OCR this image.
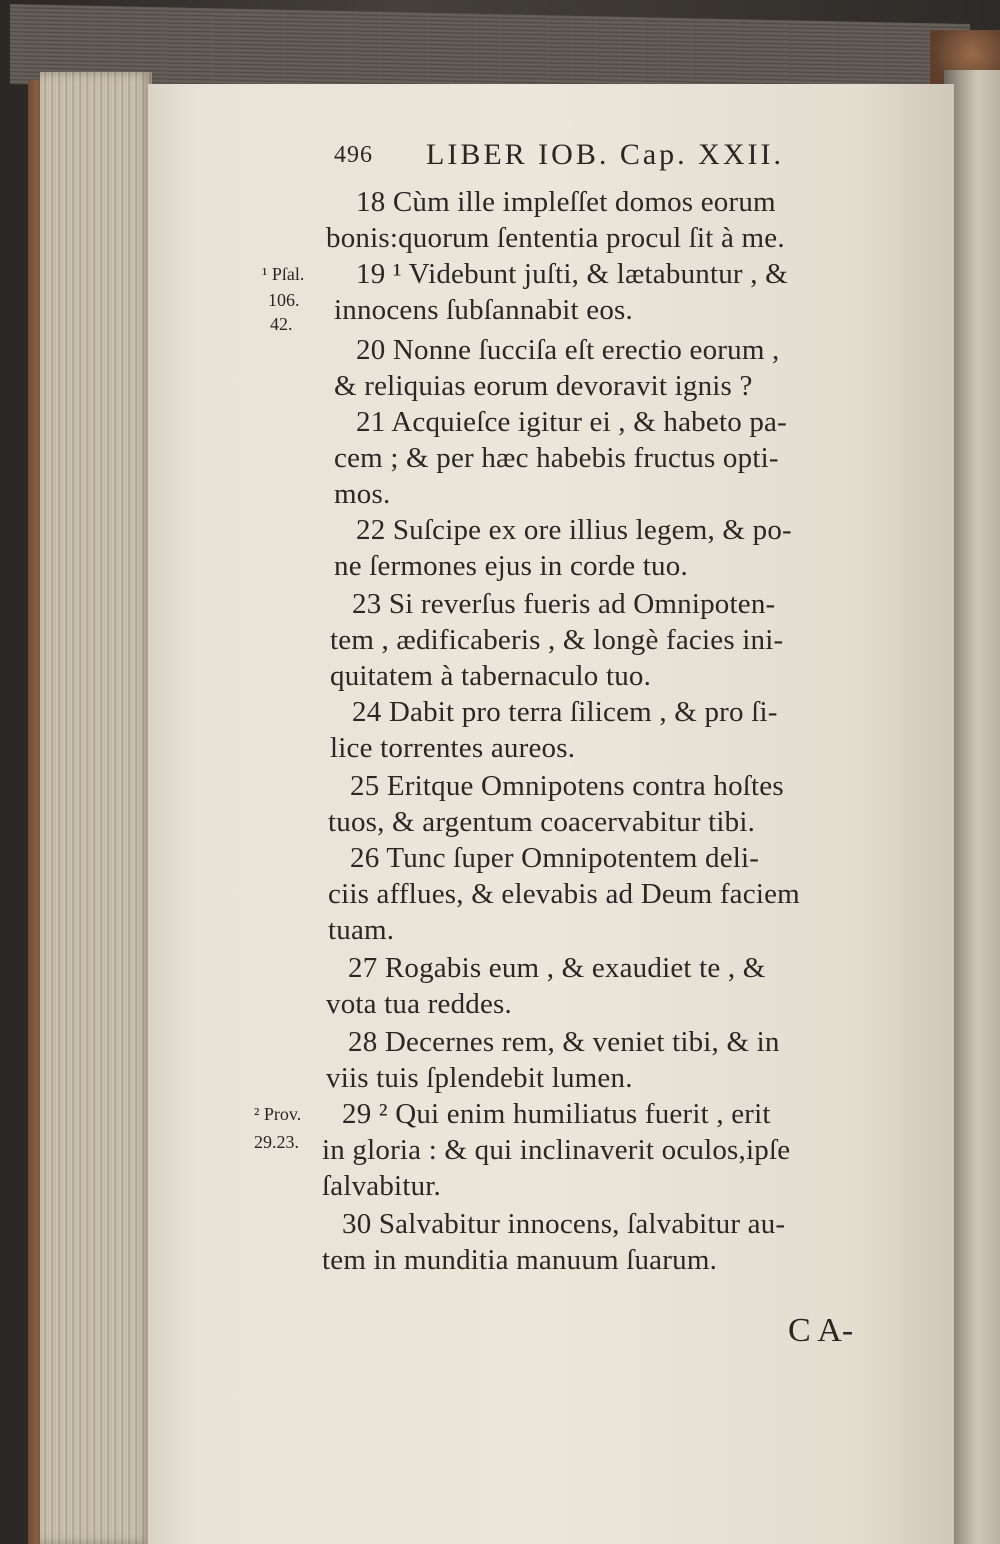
496 LIBER IOB. Cap. XXII.
18 Cùm ille impleſſet domos eorum
bonis:quorum ſententia procul ſit à me.
19 ¹ Videbunt juſti, & lætabuntur , &
innocens ſubſannabit eos.
20 Nonne ſucciſa eſt erectio eorum ,
& reliquias eorum devoravit ignis ?
21 Acquieſce igitur ei , & habeto pa-
cem ; & per hæc habebis fructus opti-
mos.
22 Suſcipe ex ore illius legem, & po-
ne ſermones ejus in corde tuo.
23 Si reverſus fueris ad Omnipoten-
tem , ædificaberis , & longè facies ini-
quitatem à tabernaculo tuo.
24 Dabit pro terra ſilicem , & pro ſi-
lice torrentes aureos.
25 Eritque Omnipotens contra hoſtes
tuos, & argentum coacervabitur tibi.
26 Tunc ſuper Omnipotentem deli-
ciis afflues, & elevabis ad Deum faciem
tuam.
27 Rogabis eum , & exaudiet te , &
vota tua reddes.
28 Decernes rem, & veniet tibi, & in
viis tuis ſplendebit lumen.
29 ² Qui enim humiliatus fuerit , erit
in gloria : & qui inclinaverit oculos,ipſe
ſalvabitur.
30 Salvabitur innocens, ſalvabitur au-
tem in munditia manuum ſuarum.
¹ Pſal.
106.
42.
² Prov.
29.23.
C A-
